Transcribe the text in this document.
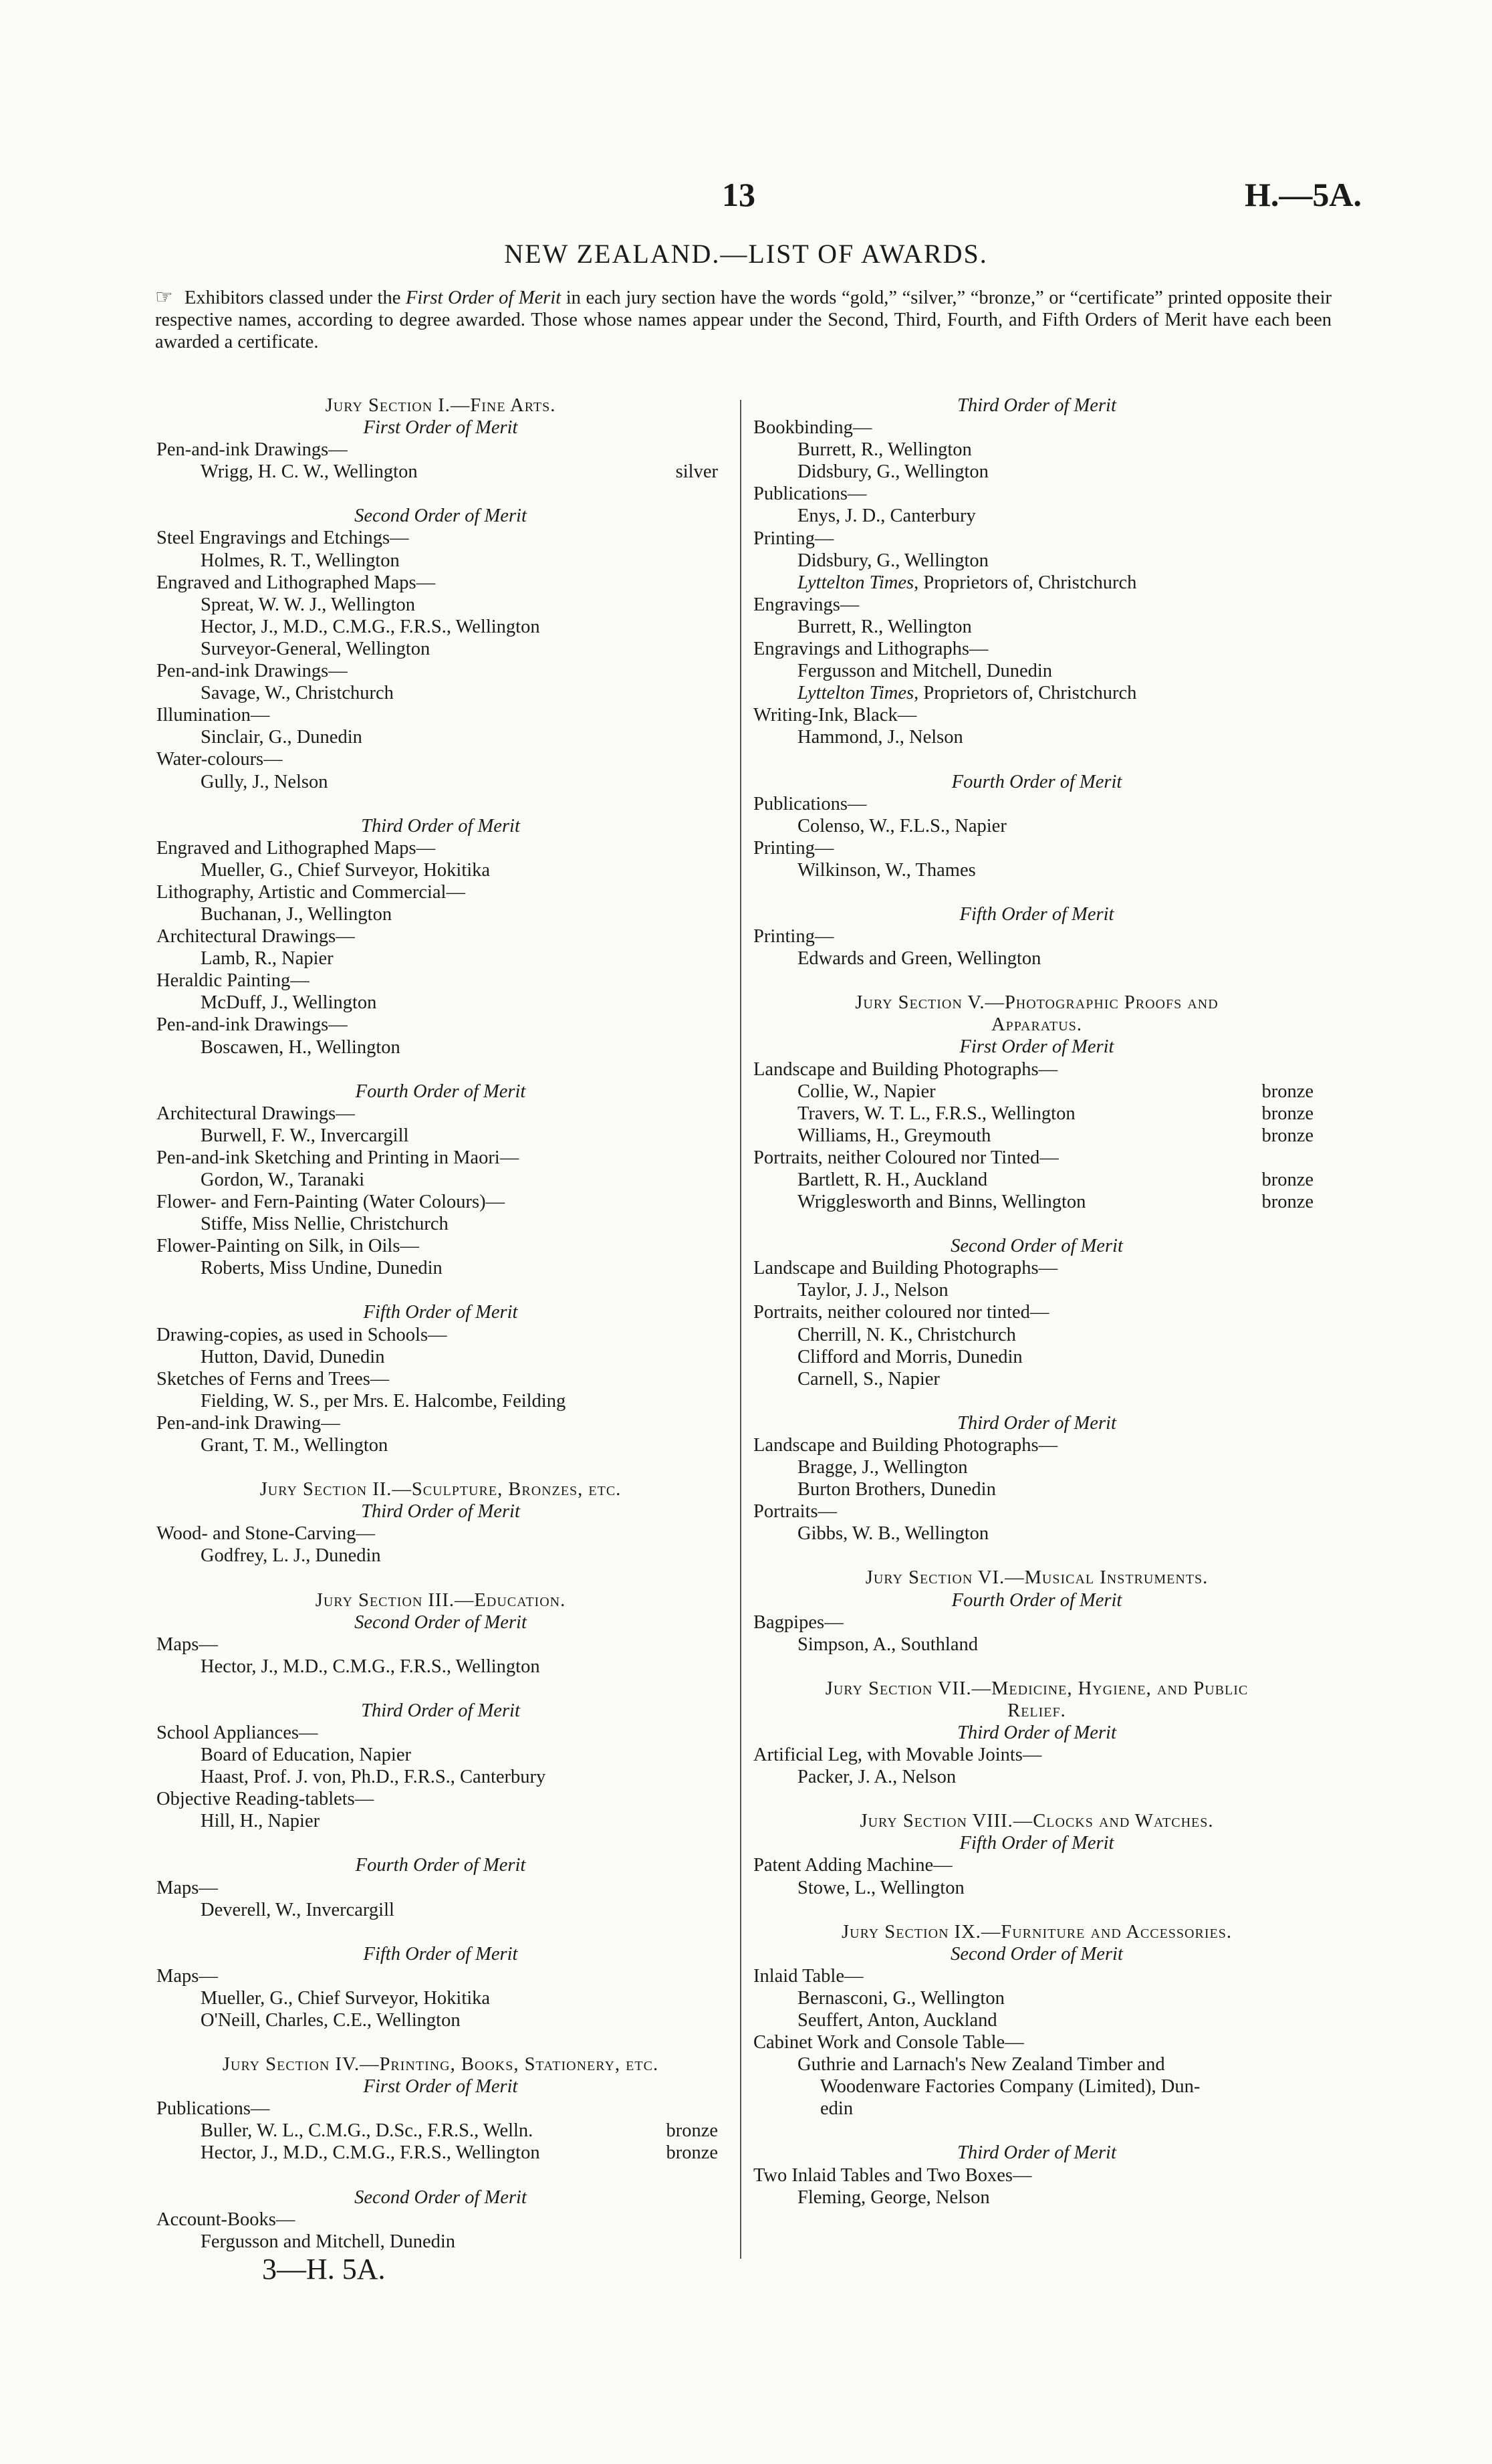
13	H.—5A.
NEW ZEALAND.—LIST OF AWARDS.
☞ Exhibitors classed under the First Order of Merit in each jury section have the words “gold,” “silver,” “bronze,” or “certificate” printed opposite their respective names, according to degree awarded. Those whose names appear under the Second, Third, Fourth, and Fifth Orders of Merit have each been awarded a certificate.
Jury Section I.—Fine Arts.
First Order of Merit
Pen-and-ink Drawings—
Wrigg, H. C. W., Wellington	silver
Second Order of Merit
Steel Engravings and Etchings—
Holmes, R. T., Wellington
Engraved and Lithographed Maps—
Spreat, W. W. J., Wellington
Hector, J., M.D., C.M.G., F.R.S., Wellington
Surveyor-General, Wellington
Pen-and-ink Drawings—
Savage, W., Christchurch
Illumination—
Sinclair, G., Dunedin
Water-colours—
Gully, J., Nelson
Third Order of Merit
Engraved and Lithographed Maps—
Mueller, G., Chief Surveyor, Hokitika
Lithography, Artistic and Commercial—
Buchanan, J., Wellington
Architectural Drawings—
Lamb, R., Napier
Heraldic Painting—
McDuff, J., Wellington
Pen-and-ink Drawings—
Boscawen, H., Wellington
Fourth Order of Merit
Architectural Drawings—
Burwell, F. W., Invercargill
Pen-and-ink Sketching and Printing in Maori—
Gordon, W., Taranaki
Flower- and Fern-Painting (Water Colours)—
Stiffe, Miss Nellie, Christchurch
Flower-Painting on Silk, in Oils—
Roberts, Miss Undine, Dunedin
Fifth Order of Merit
Drawing-copies, as used in Schools—
Hutton, David, Dunedin
Sketches of Ferns and Trees—
Fielding, W. S., per Mrs. E. Halcombe, Feilding
Pen-and-ink Drawing—
Grant, T. M., Wellington
Jury Section II.—Sculpture, Bronzes, etc.
Third Order of Merit
Wood- and Stone-Carving—
Godfrey, L. J., Dunedin
Jury Section III.—Education.
Second Order of Merit
Maps—
Hector, J., M.D., C.M.G., F.R.S., Wellington
Third Order of Merit
School Appliances—
Board of Education, Napier
Haast, Prof. J. von, Ph.D., F.R.S., Canterbury
Objective Reading-tablets—
Hill, H., Napier
Fourth Order of Merit
Maps—
Deverell, W., Invercargill
Fifth Order of Merit
Maps—
Mueller, G., Chief Surveyor, Hokitika
O'Neill, Charles, C.E., Wellington
Jury Section IV.—Printing, Books, Stationery, etc.
First Order of Merit
Publications—
Buller, W. L., C.M.G., D.Sc., F.R.S., Welln.	bronze
Hector, J., M.D., C.M.G., F.R.S., Wellington	bronze
Second Order of Merit
Account-Books—
Fergusson and Mitchell, Dunedin
Third Order of Merit
Bookbinding—
Burrett, R., Wellington
Didsbury, G., Wellington
Publications—
Enys, J. D., Canterbury
Printing—
Didsbury, G., Wellington
Lyttelton Times, Proprietors of, Christchurch
Engravings—
Burrett, R., Wellington
Engravings and Lithographs—
Fergusson and Mitchell, Dunedin
Lyttelton Times, Proprietors of, Christchurch
Writing-Ink, Black—
Hammond, J., Nelson
Fourth Order of Merit
Publications—
Colenso, W., F.L.S., Napier
Printing—
Wilkinson, W., Thames
Fifth Order of Merit
Printing—
Edwards and Green, Wellington
Jury Section V.—Photographic Proofs and
Apparatus.
First Order of Merit
Landscape and Building Photographs—
Collie, W., Napier	bronze
Travers, W. T. L., F.R.S., Wellington	bronze
Williams, H., Greymouth	bronze
Portraits, neither Coloured nor Tinted—
Bartlett, R. H., Auckland	bronze
Wrigglesworth and Binns, Wellington	bronze
Second Order of Merit
Landscape and Building Photographs—
Taylor, J. J., Nelson
Portraits, neither coloured nor tinted—
Cherrill, N. K., Christchurch
Clifford and Morris, Dunedin
Carnell, S., Napier
Third Order of Merit
Landscape and Building Photographs—
Bragge, J., Wellington
Burton Brothers, Dunedin
Portraits—
Gibbs, W. B., Wellington
Jury Section VI.—Musical Instruments.
Fourth Order of Merit
Bagpipes—
Simpson, A., Southland
Jury Section VII.—Medicine, Hygiene, and Public
Relief.
Third Order of Merit
Artificial Leg, with Movable Joints—
Packer, J. A., Nelson
Jury Section VIII.—Clocks and Watches.
Fifth Order of Merit
Patent Adding Machine—
Stowe, L., Wellington
Jury Section IX.—Furniture and Accessories.
Second Order of Merit
Inlaid Table—
Bernasconi, G., Wellington
Seuffert, Anton, Auckland
Cabinet Work and Console Table—
Guthrie and Larnach's New Zealand Timber and
Woodenware Factories Company (Limited), Dun-
edin
Third Order of Merit
Two Inlaid Tables and Two Boxes—
Fleming, George, Nelson
3—H. 5A.
